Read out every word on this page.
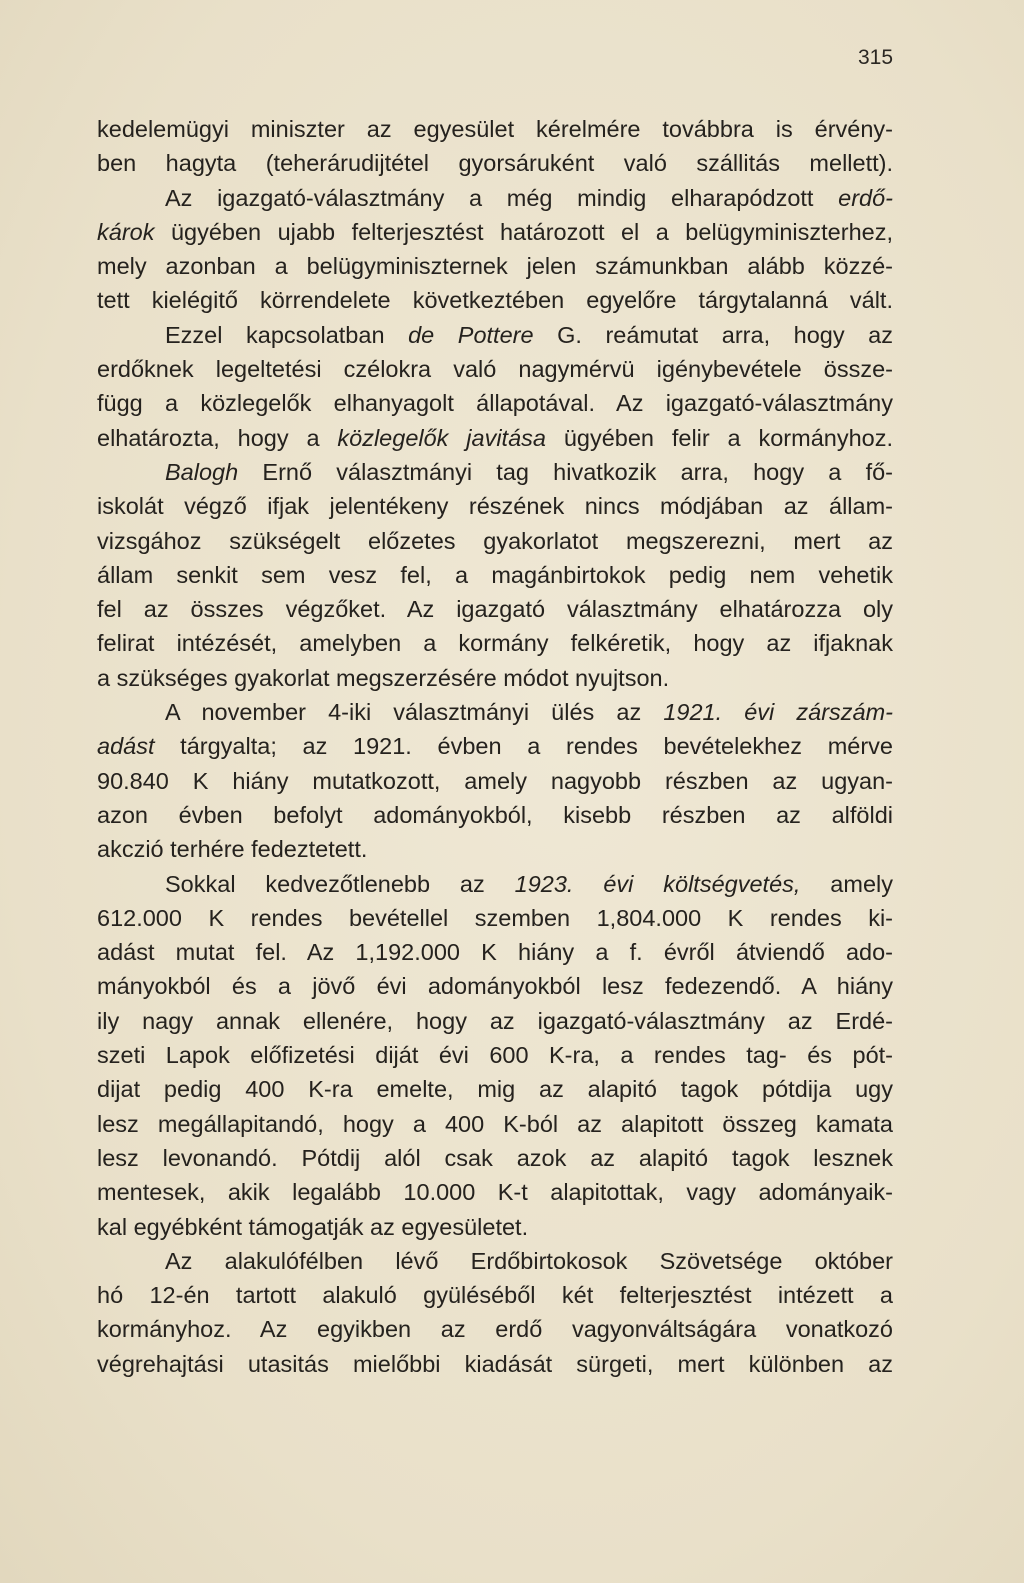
315
kedelemügyi miniszter az egyesület kérelmére továbbra is érvény-
ben hagyta (teherárudijtétel gyorsáruként való szállitás mellett).
Az igazgató-választmány a még mindig elharapódzott erdő-
károk ügyében ujabb felterjesztést határozott el a belügyminiszterhez,
mely azonban a belügyminiszternek jelen számunkban alább közzé-
tett kielégitő körrendelete következtében egyelőre tárgytalanná vált.
Ezzel kapcsolatban de Pottere G. reámutat arra, hogy az
erdőknek legeltetési czélokra való nagymérvü igénybevétele össze-
függ a közlegelők elhanyagolt állapotával. Az igazgató-választmány
elhatározta, hogy a közlegelők javitása ügyében felir a kormányhoz.
Balogh Ernő választmányi tag hivatkozik arra, hogy a fő-
iskolát végző ifjak jelentékeny részének nincs módjában az állam-
vizsgához szükségelt előzetes gyakorlatot megszerezni, mert az
állam senkit sem vesz fel, a magánbirtokok pedig nem vehetik
fel az összes végzőket. Az igazgató választmány elhatározza oly
felirat intézését, amelyben a kormány felkéretik, hogy az ifjaknak
a szükséges gyakorlat megszerzésére módot nyujtson.
A november 4-iki választmányi ülés az 1921. évi zárszám-
adást tárgyalta; az 1921. évben a rendes bevételekhez mérve
90.840 K hiány mutatkozott, amely nagyobb részben az ugyan-
azon évben befolyt adományokból, kisebb részben az alföldi
akczió terhére fedeztetett.
Sokkal kedvezőtlenebb az 1923. évi költségvetés, amely
612.000 K rendes bevétellel szemben 1,804.000 K rendes ki-
adást mutat fel. Az 1,192.000 K hiány a f. évről átviendő ado-
mányokból és a jövő évi adományokból lesz fedezendő. A hiány
ily nagy annak ellenére, hogy az igazgató-választmány az Erdé-
szeti Lapok előfizetési diját évi 600 K-ra, a rendes tag- és pót-
dijat pedig 400 K-ra emelte, mig az alapitó tagok pótdija ugy
lesz megállapitandó, hogy a 400 K-ból az alapitott összeg kamata
lesz levonandó. Pótdij alól csak azok az alapitó tagok lesznek
mentesek, akik legalább 10.000 K-t alapitottak, vagy adományaik-
kal egyébként támogatják az egyesületet.
Az alakulófélben lévő Erdőbirtokosok Szövetsége október
hó 12-én tartott alakuló gyüléséből két felterjesztést intézett a
kormányhoz. Az egyikben az erdő vagyonváltságára vonatkozó
végrehajtási utasitás mielőbbi kiadását sürgeti, mert különben az
